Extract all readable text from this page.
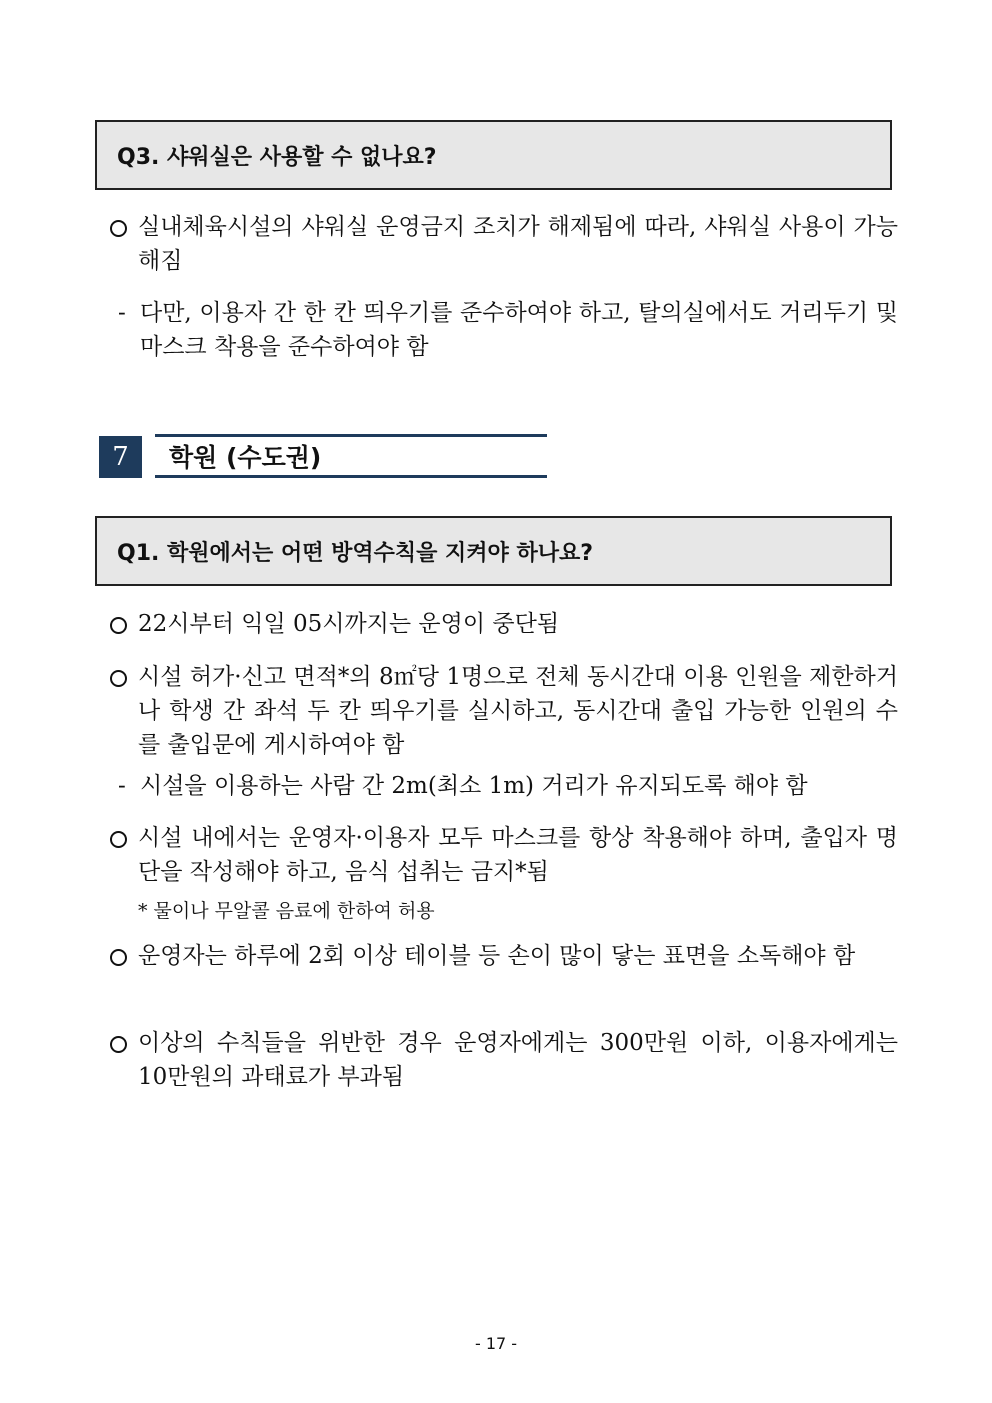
Q3. 샤워실은 사용할 수 없나요?
실내체육시설의 샤워실 운영금지 조치가 해제됨에 따라, 샤워실 사용이 가능해짐
- 다만, 이용자 간 한 칸 띄우기를 준수하여야 하고, 탈의실에서도 거리두기 및 마스크 착용을 준수하여야 함
7	학원 (수도권)
Q1. 학원에서는 어떤 방역수칙을 지켜야 하나요?
22시부터 익일 05시까지는 운영이 중단됨
시설 허가·신고 면적*의 8㎡당 1명으로 전체 동시간대 이용 인원을 제한하거나 학생 간 좌석 두 칸 띄우기를 실시하고, 동시간대 출입 가능한 인원의 수를 출입문에 게시하여야 함
- 시설을 이용하는 사람 간 2m(최소 1m) 거리가 유지되도록 해야 함
시설 내에서는 운영자·이용자 모두 마스크를 항상 착용해야 하며, 출입자 명단을 작성해야 하고, 음식 섭취는 금지*됨
* 물이나 무알콜 음료에 한하여 허용
운영자는 하루에 2회 이상 테이블 등 손이 많이 닿는 표면을 소독해야 함
이상의 수칙들을 위반한 경우 운영자에게는 300만원 이하, 이용자에게는 10만원의 과태료가 부과됨
- 17 -
